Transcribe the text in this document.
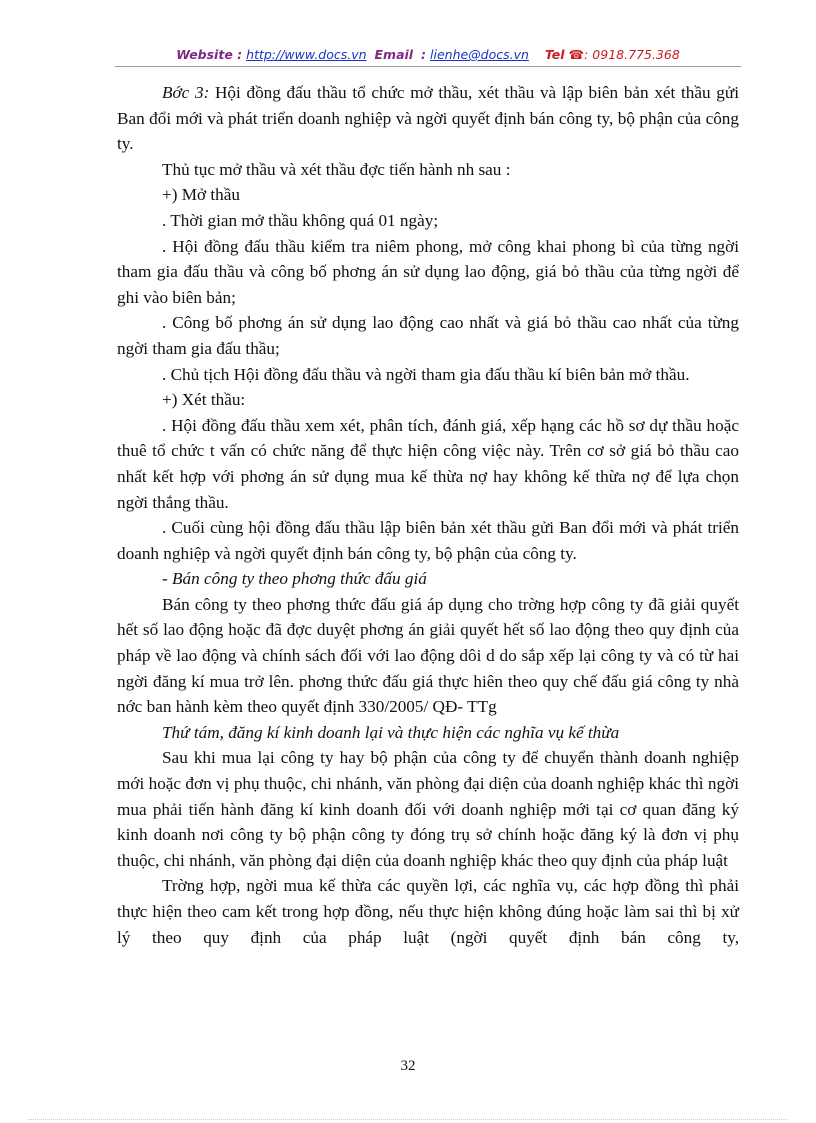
Website : http://www.docs.vn Email : lienhe@docs.vn Tel ☎: 0918.775.368

Bớc 3: Hội đồng đấu thầu tổ chức mở thầu, xét thầu và lập biên bản xét thầu gửi Ban đổi mới và phát triển doanh nghiệp và ngời quyết định bán công ty, bộ phận của công ty.

Thủ tục mở thầu và xét thầu đợc tiến hành nh sau :

+) Mở thầu

. Thời gian mở thầu không quá 01 ngày;

. Hội đồng đấu thầu kiểm tra niêm phong, mở công khai phong bì của từng ngời tham gia đấu thầu và công bố phơng án sử dụng lao động, giá bỏ thầu của từng ngời để ghi vào biên bản;

. Công bố phơng án sử dụng lao động cao nhất và giá bỏ thầu cao nhất của từng ngời tham gia đấu thầu;

. Chủ tịch Hội đồng đấu thầu và ngời tham gia đấu thầu kí biên bản mở thầu.

+) Xét thầu:

. Hội đồng đấu thầu xem xét, phân tích, đánh giá, xếp hạng các hồ sơ dự thầu hoặc thuê tổ chức t vấn có chức năng để thực hiện công việc này. Trên cơ sở giá bỏ thầu cao nhất kết hợp với phơng án sử dụng mua kế thừa nợ hay không kế thừa nợ để lựa chọn ngời thắng thầu.

. Cuối cùng hội đồng đấu thầu lập biên bản xét thầu gửi Ban đổi mới và phát triển doanh nghiệp và ngời quyết định bán công ty, bộ phận của công ty.

- Bán công ty theo phơng thức đấu giá

Bán công ty theo phơng thức đấu giá áp dụng cho trờng hợp công ty đã giải quyết hết số lao động hoặc đã đợc duyệt phơng án giải quyết hết số lao động theo quy định của pháp về lao động và chính sách đối với lao động dôi d do sắp xếp lại công ty và có từ hai ngời đăng kí mua trở lên. phơng thức đấu giá thực hiên theo quy chế đấu giá công ty nhà nớc ban hành kèm theo quyết định 330/2005/ QĐ- TTg

Thứ tám, đăng kí kinh doanh lại và thực hiện các nghĩa vụ kế thừa

Sau khi mua lại công ty hay bộ phận của công ty để chuyển thành doanh nghiệp mới hoặc đơn vị phụ thuộc, chi nhánh, văn phòng đại diện của doanh nghiệp khác thì ngời mua phải tiến hành đăng kí kinh doanh đối với doanh nghiệp mới tại cơ quan đăng ký kinh doanh nơi công ty bộ phận công ty đóng trụ sở chính hoặc đăng ký là đơn vị phụ thuộc, chi nhánh, văn phòng đại diện của doanh nghiệp khác theo quy định của pháp luật

Trờng hợp, ngời mua kế thừa các quyền lợi, các nghĩa vụ, các hợp đồng thì phải thực hiện theo cam kết trong hợp đồng, nếu thực hiện không đúng hoặc làm sai thì bị xử lý theo quy định của pháp luật (ngời quyết định bán công ty,

32
